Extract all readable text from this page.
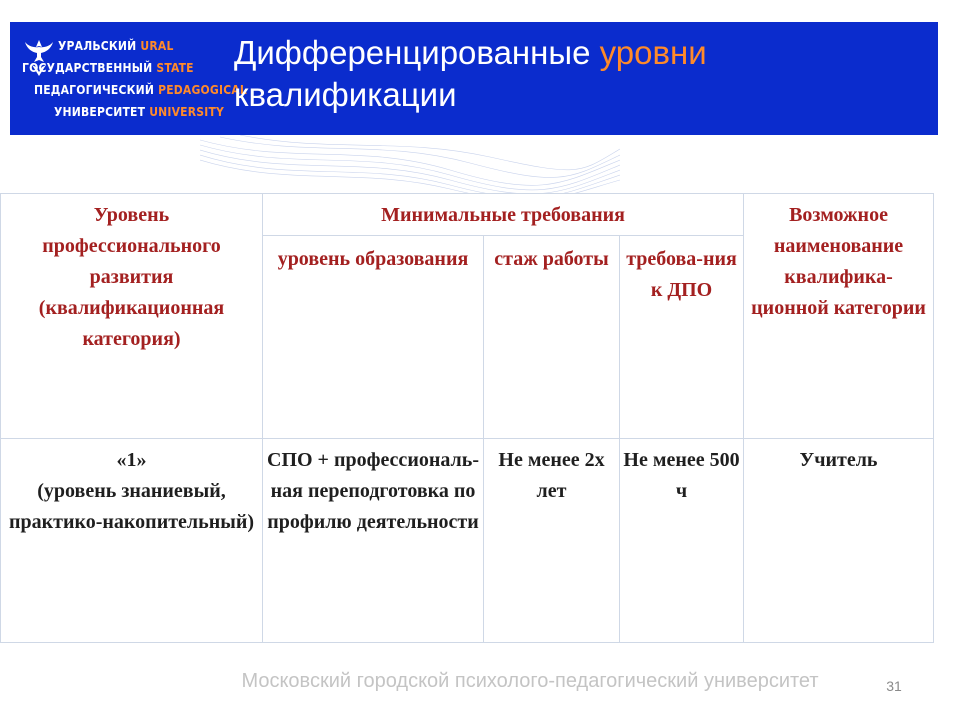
УРАЛЬСКИЙ URAL
ГОСУДАРСТВЕННЫЙ STATE
ПЕДАГОГИЧЕСКИЙ PEDAGOGICAL
УНИВЕРСИТЕТ UNIVERSITY
Дифференцированные уровни
квалификации
Уровень профессионального развития (квалификационная категория)	Минимальные требования			Возможное наименование квалифика-ционной категории
	уровень образования	стаж работы	требова-ния к ДПО	

«1»
(уровень знаниевый, практико-накопительный)	СПО + профессиональ-ная переподготовка по профилю деятельности	Не менее 2х лет	Не менее 500 ч	Учитель
Московский городской психолого-педагогический университет	31
